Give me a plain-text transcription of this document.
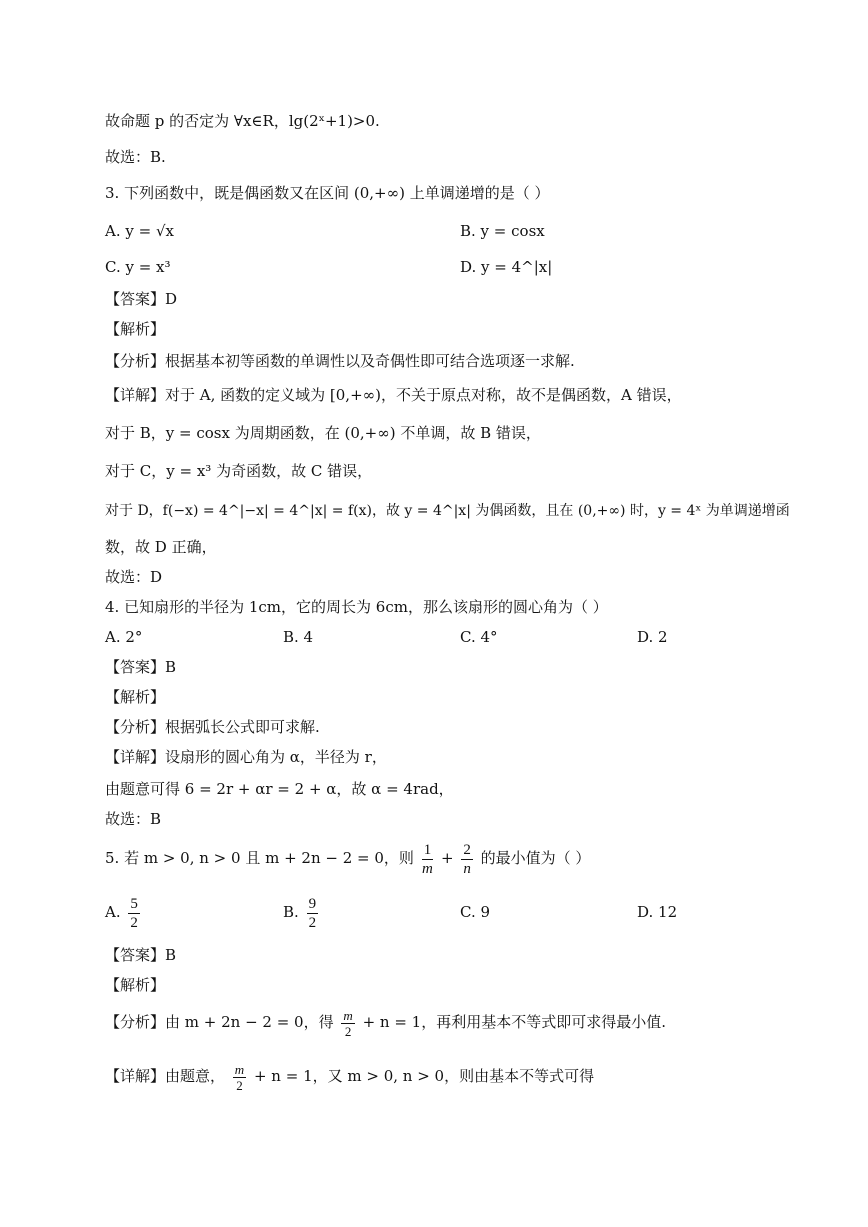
故命题 p 的否定为 ∀x∈R，lg(2ˣ+1)>0.
故选：B.
3. 下列函数中，既是偶函数又在区间 (0,+∞) 上单调递增的是（ ）
A. y = √x	B. y = cosx
C. y = x³	D. y = 4^|x|
【答案】D
【解析】
【分析】根据基本初等函数的单调性以及奇偶性即可结合选项逐一求解.
【详解】对于 A, 函数的定义域为 [0,+∞)，不关于原点对称，故不是偶函数，A 错误，
对于 B，y = cosx 为周期函数，在 (0,+∞) 不单调，故 B 错误，
对于 C，y = x³ 为奇函数，故 C 错误，
对于 D，f(−x) = 4^|−x| = 4^|x| = f(x)，故 y = 4^|x| 为偶函数，且在 (0,+∞) 时，y = 4ˣ 为单调递增函
数，故 D 正确，
故选：D
4. 已知扇形的半径为 1cm，它的周长为 6cm，那么该扇形的圆心角为（ ）
A. 2°	B. 4	C. 4°	D. 2
【答案】B
【解析】
【分析】根据弧长公式即可求解.
【详解】设扇形的圆心角为 α，半径为 r，
由题意可得 6 = 2r + αr = 2 + α，故 α = 4rad，
故选：B
5. 若 m > 0, n > 0 且 m + 2n − 2 = 0，则 $\frac{1}{m} + \frac{2}{n}$ 的最小值为（ ）
A. $\frac{5}{2}$	B. $\frac{9}{2}$	C. 9	D. 12
【答案】B
【解析】
【分析】由 m + 2n − 2 = 0，得 $\frac{m}{2} + n = 1$，再利用基本不等式即可求得最小值.
【详解】由题意， $\frac{m}{2} + n = 1$，又 m > 0, n > 0，则由基本不等式可得
